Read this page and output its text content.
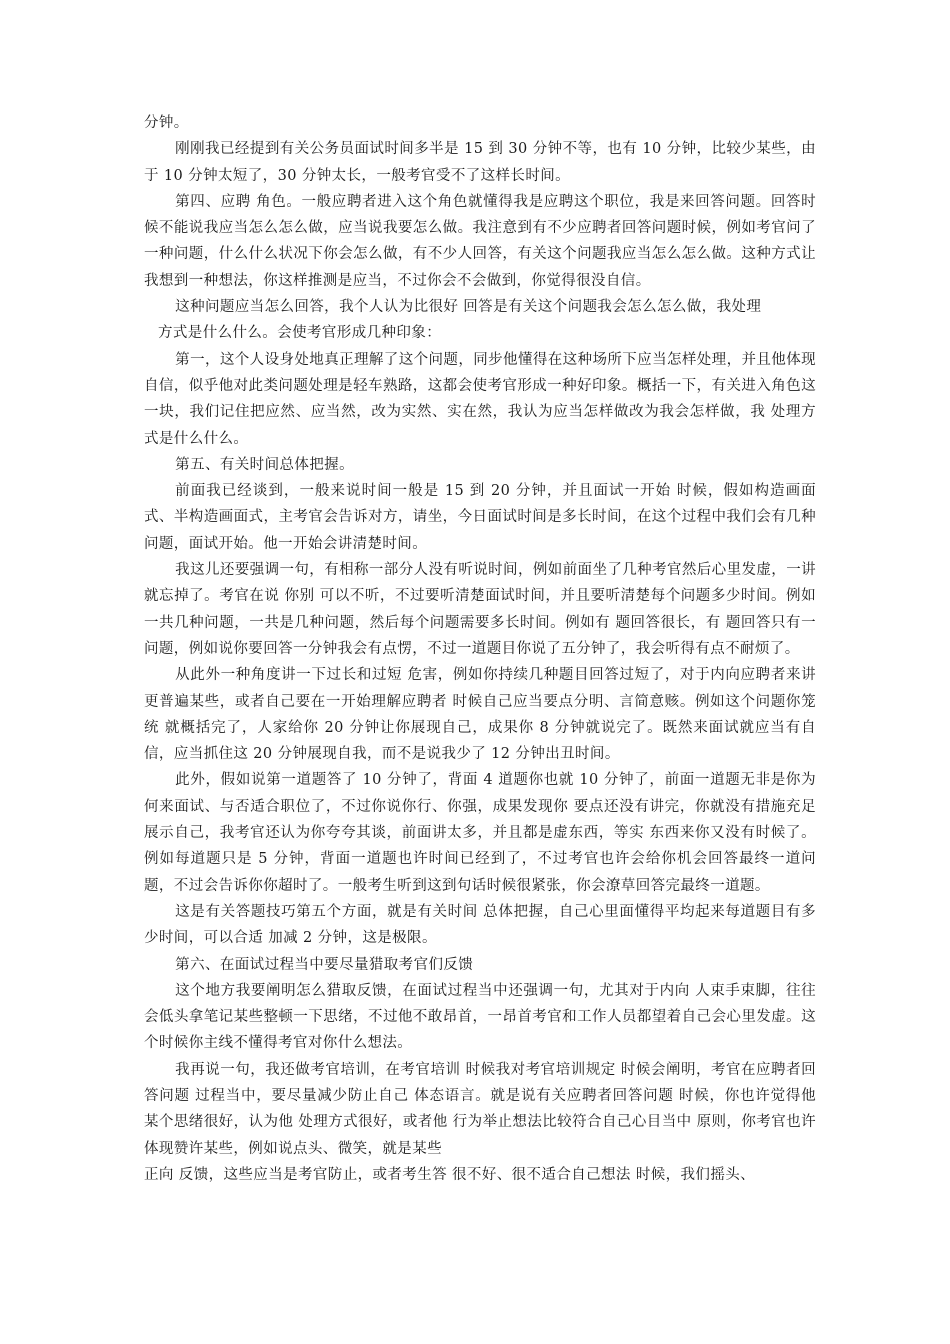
分钟。

刚刚我已经提到有关公务员面试时间多半是 15 到 30 分钟不等，也有 10 分钟，比较少某些，由于 10 分钟太短了，30 分钟太长，一般考官受不了这样长时间。

第四、应聘 角色。一般应聘者进入这个角色就懂得我是应聘这个职位，我是来回答问题。回答时候不能说我应当怎么怎么做，应当说我要怎么做。我注意到有不少应聘者回答问题时候，例如考官问了一种问题，什么什么状况下你会怎么做，有不少人回答，有关这个问题我应当怎么怎么做。这种方式让我想到一种想法，你这样推测是应当，不过你会不会做到，你觉得很没自信。

这种问题应当怎么回答，我个人认为比很好 回答是有关这个问题我会怎么怎么做，我处理

方式是什么什么。会使考官形成几种印象：

第一，这个人设身处地真正理解了这个问题，同步他懂得在这种场所下应当怎样处理，并且他体现自信，似乎他对此类问题处理是轻车熟路，这都会使考官形成一种好印象。概括一下，有关进入角色这一块，我们记住把应然、应当然，改为实然、实在然，我认为应当怎样做改为我会怎样做，我 处理方式是什么什么。

第五、有关时间总体把握。

前面我已经谈到，一般来说时间一般是 15 到 20 分钟，并且面试一开始 时候，假如构造画面式、半构造画面式，主考官会告诉对方，请坐，今日面试时间是多长时间，在这个过程中我们会有几种问题，面试开始。他一开始会讲清楚时间。

我这儿还要强调一句，有相称一部分人没有听说时间，例如前面坐了几种考官然后心里发虚，一讲就忘掉了。考官在说 你别 可以不听，不过要听清楚面试时间，并且要听清楚每个问题多少时间。例如一共几种问题，一共是几种问题，然后每个问题需要多长时间。例如有 题回答很长，有 题回答只有一问题，例如说你要回答一分钟我会有点愣，不过一道题目你说了五分钟了，我会听得有点不耐烦了。

从此外一种角度讲一下过长和过短 危害，例如你持续几种题目回答过短了，对于内向应聘者来讲更普遍某些，或者自己要在一开始理解应聘者 时候自己应当要点分明、言简意赅。例如这个问题你笼统 就概括完了，人家给你 20 分钟让你展现自己，成果你 8 分钟就说完了。既然来面试就应当有自信，应当抓住这 20 分钟展现自我，而不是说我少了 12 分钟出丑时间。

此外，假如说第一道题答了 10 分钟了，背面 4 道题你也就 10 分钟了，前面一道题无非是你为何来面试、与否适合职位了，不过你说你行、你强，成果发现你 要点还没有讲完，你就没有措施充足展示自己，我考官还认为你夸夸其谈，前面讲太多，并且都是虚东西，等实 东西来你又没有时候了。例如每道题只是 5 分钟，背面一道题也许时间已经到了，不过考官也许会给你机会回答最终一道问题，不过会告诉你你超时了。一般考生听到这到句话时候很紧张，你会潦草回答完最终一道题。

这是有关答题技巧第五个方面，就是有关时间 总体把握，自己心里面懂得平均起来每道题目有多少时间，可以合适 加减 2 分钟，这是极限。

第六、在面试过程当中要尽量猎取考官们反馈

这个地方我要阐明怎么猎取反馈，在面试过程当中还强调一句，尤其对于内向 人束手束脚，往往会低头拿笔记某些整顿一下思绪，不过他不敢昂首，一昂首考官和工作人员都望着自己会心里发虚。这个时候你主线不懂得考官对你什么想法。

我再说一句，我还做考官培训，在考官培训 时候我对考官培训规定 时候会阐明，考官在应聘者回答问题 过程当中，要尽量减少防止自己 体态语言。就是说有关应聘者回答问题 时候，你也许觉得他 某个思绪很好，认为他 处理方式很好，或者他 行为举止想法比较符合自己心目当中 原则，你考官也许体现赞许某些，例如说点头、微笑，就是某些

正向 反馈，这些应当是考官防止，或者考生答 很不好、很不适合自己想法 时候，我们摇头、
